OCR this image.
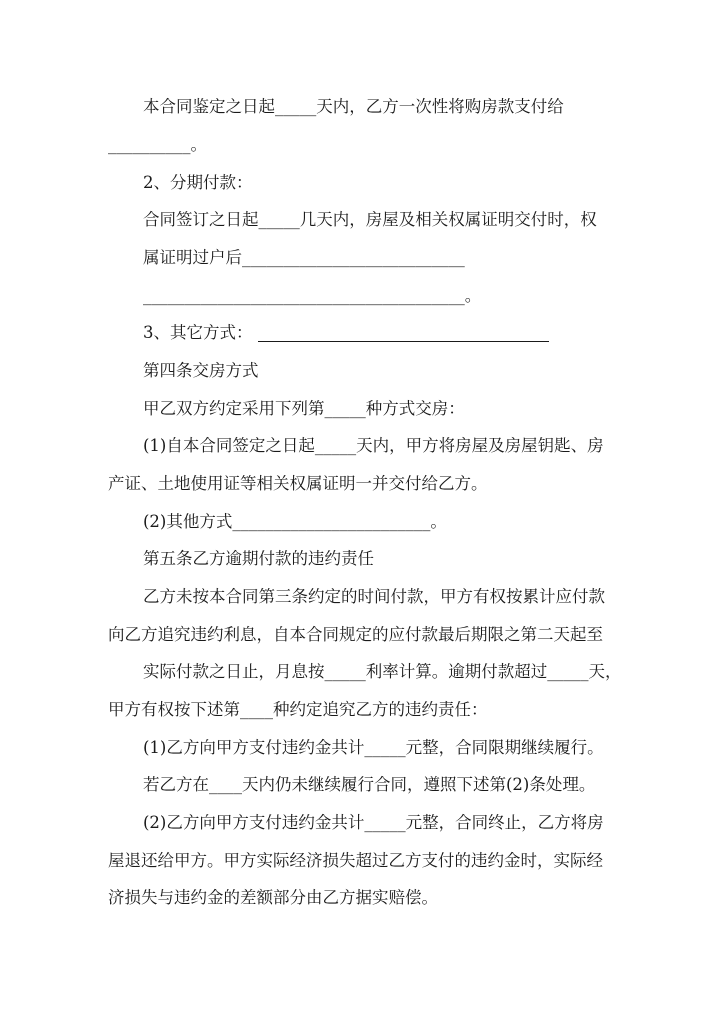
本合同鉴定之日起_____天内，乙方一次性将购房款支付给
__________。
2、分期付款：
合同签订之日起_____几天内，房屋及相关权属证明交付时，权
属证明过户后___________________________
_______________________________________。
3、其它方式：
第四条交房方式
甲乙双方约定采用下列第_____种方式交房：
(1)自本合同签定之日起_____天内，甲方将房屋及房屋钥匙、房
产证、土地使用证等相关权属证明一并交付给乙方。
(2)其他方式________________________。
第五条乙方逾期付款的违约责任
乙方未按本合同第三条约定的时间付款，甲方有权按累计应付款
向乙方追究违约利息，自本合同规定的应付款最后期限之第二天起至
实际付款之日止，月息按_____利率计算。逾期付款超过_____天，
甲方有权按下述第____种约定追究乙方的违约责任：
(1)乙方向甲方支付违约金共计_____元整，合同限期继续履行。
若乙方在____天内仍未继续履行合同，遵照下述第(2)条处理。
(2)乙方向甲方支付违约金共计_____元整，合同终止，乙方将房
屋退还给甲方。甲方实际经济损失超过乙方支付的违约金时，实际经
济损失与违约金的差额部分由乙方据实赔偿。
